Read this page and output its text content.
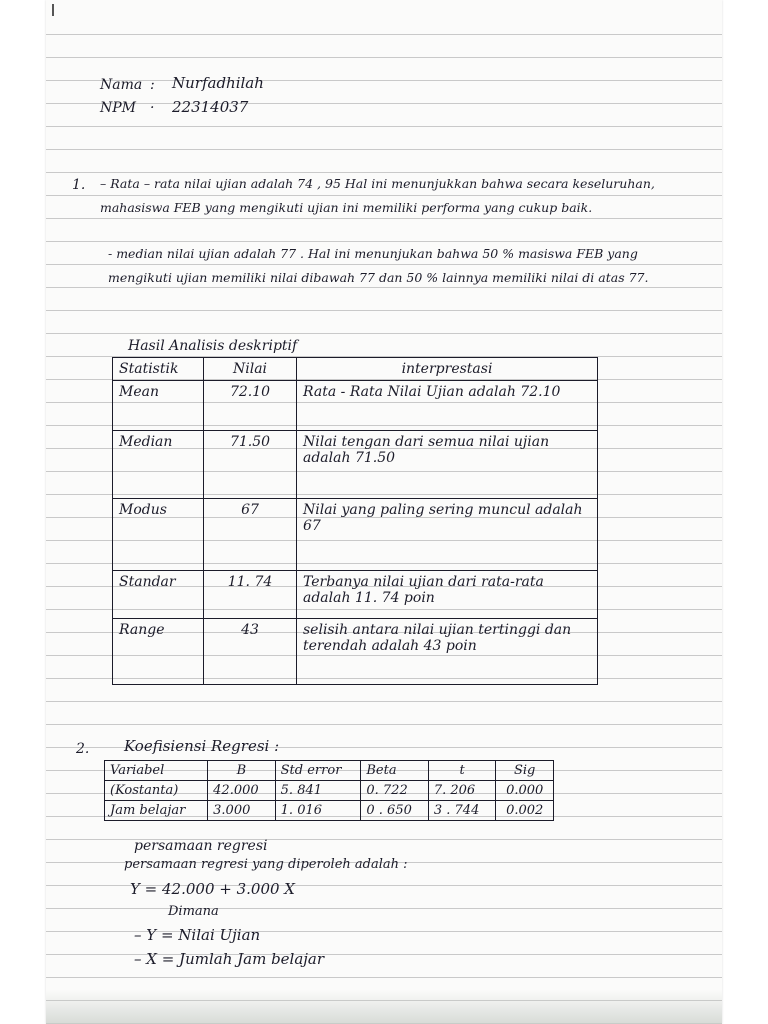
Nama : Nurfadhilah
NPM · 22314037
1. – Rata – rata nilai ujian adalah 74 , 95 Hal ini menunjukkan bahwa secara keseluruhan, mahasiswa FEB yang mengikuti ujian ini memiliki performa yang cukup baik.
- median nilai ujian adalah 77 . Hal ini menunjukan bahwa 50 % masiswa FEB yang mengikuti ujian memiliki nilai dibawah 77 dan 50 % lainnya memiliki nilai di atas 77.
Hasil Analisis deskriptif
Statistik	Nilai	interprestasi
Mean	72.10	Rata - Rata Nilai Ujian adalah 72.10
Median	71.50	Nilai tengan dari semua nilai ujian adalah 71.50
Modus	67	Nilai yang paling sering muncul adalah 67
Standar	11. 74	Terbanya nilai ujian dari rata-rata adalah 11. 74 poin
Range	43	selisih antara nilai ujian tertinggi dan terendah adalah 43 poin
2. Koefisiensi Regresi :
Variabel	B	Std error	Beta	t	Sig
(Kostanta)	42.000	5. 841	0. 722	7. 206	0.000
Jam belajar	3.000	1. 016	0 . 650	3 . 744	0.002
persamaan regresi
persamaan regresi yang diperoleh adalah :
Y = 42.000 + 3.000 X
Dimana
– Y = Nilai Ujian
– X = Jumlah Jam belajar
